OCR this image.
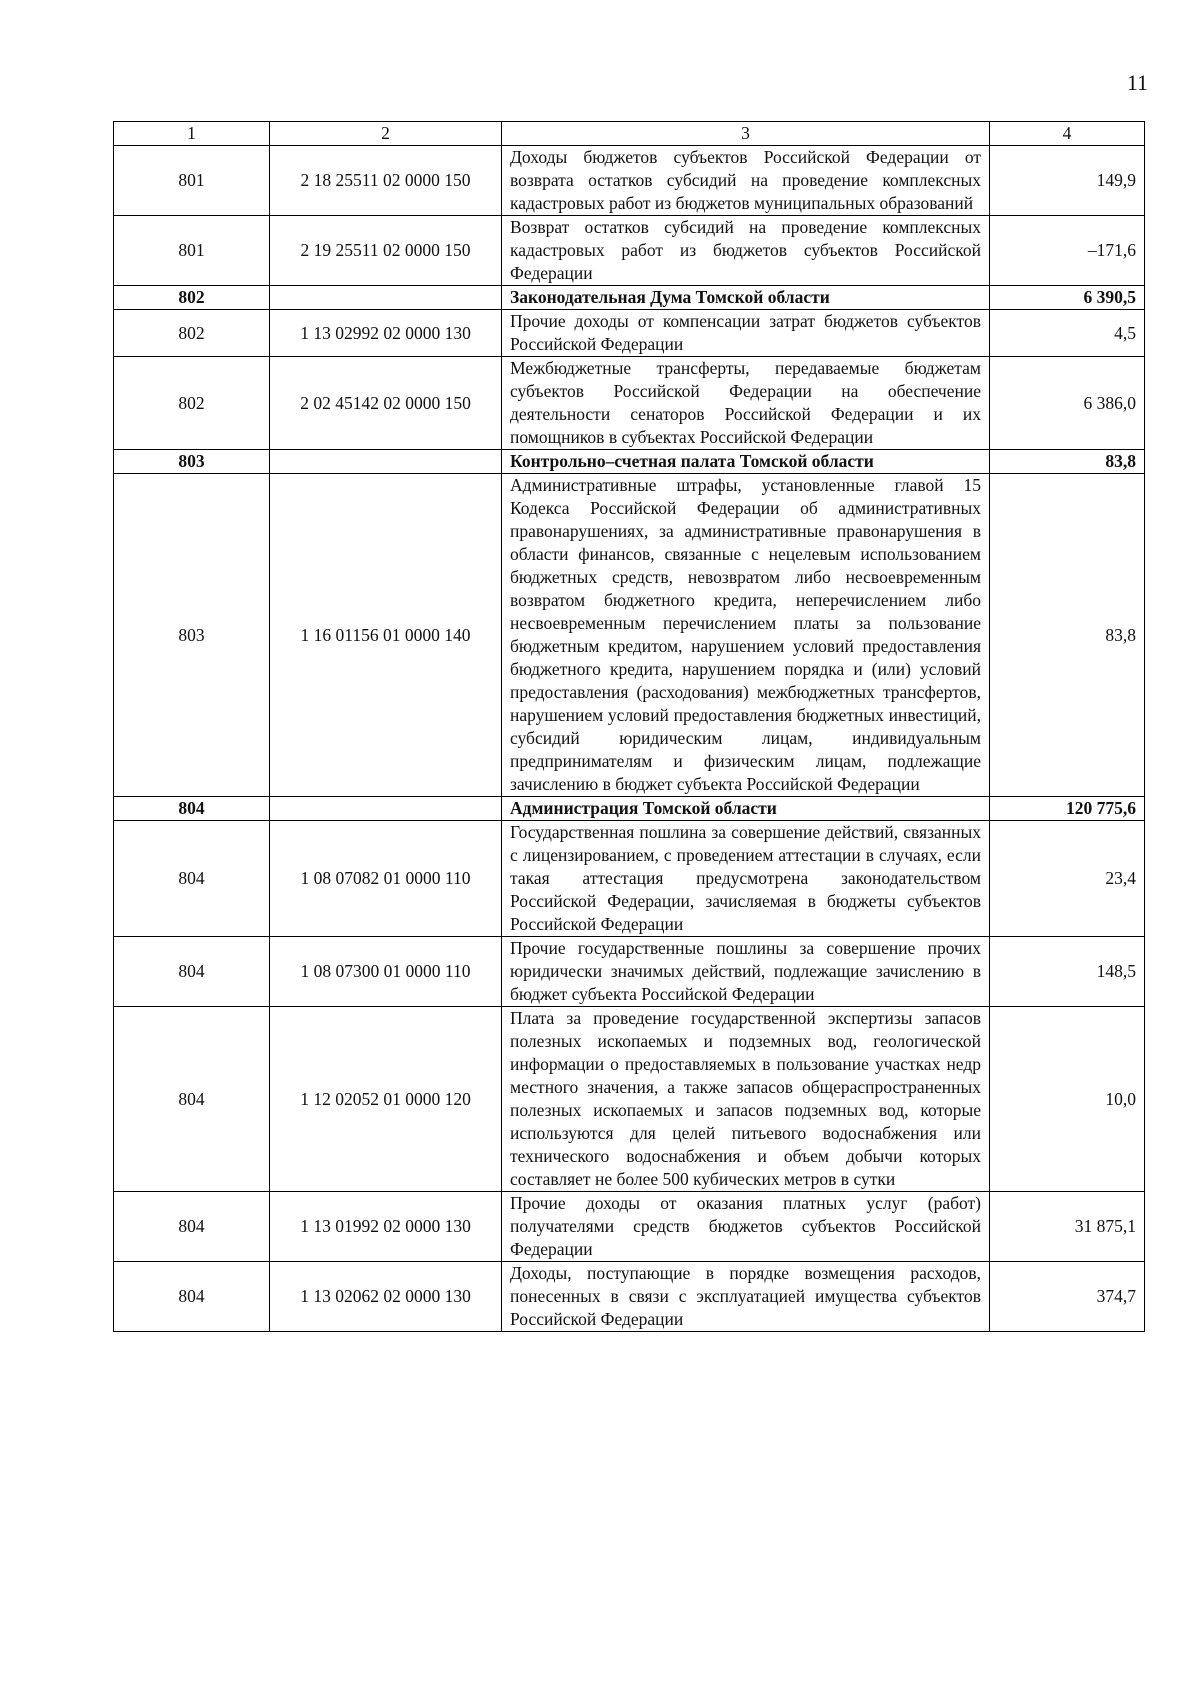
11
1	2	3	4
801	2 18 25511 02 0000 150	Доходы бюджетов субъектов Российской Федерации от возврата остатков субсидий на проведение комплексных кадастровых работ из бюджетов муниципальных образований	149,9
801	2 19 25511 02 0000 150	Возврат остатков субсидий на проведение комплексных кадастровых работ из бюджетов субъектов Российской Федерации	–171,6
802		Законодательная Дума Томской области	6 390,5
802	1 13 02992 02 0000 130	Прочие доходы от компенсации затрат бюджетов субъектов Российской Федерации	4,5
802	2 02 45142 02 0000 150	Межбюджетные трансферты, передаваемые бюджетам субъектов Российской Федерации на обеспечение деятельности сенаторов Российской Федерации и их помощников в субъектах Российской Федерации	6 386,0
803		Контрольно–счетная палата Томской области	83,8
803	1 16 01156 01 0000 140	Административные штрафы, установленные главой 15 Кодекса Российской Федерации об административных правонарушениях, за административные правонарушения в области финансов, связанные с нецелевым использованием бюджетных средств, невозвратом либо несвоевременным возвратом бюджетного кредита, неперечислением либо несвоевременным перечислением платы за пользование бюджетным кредитом, нарушением условий предоставления бюджетного кредита, нарушением порядка и (или) условий предоставления (расходования) межбюджетных трансфертов, нарушением условий предоставления бюджетных инвестиций, субсидий юридическим лицам, индивидуальным предпринимателям и физическим лицам, подлежащие зачислению в бюджет субъекта Российской Федерации	83,8
804		Администрация Томской области	120 775,6
804	1 08 07082 01 0000 110	Государственная пошлина за совершение действий, связанных с лицензированием, с проведением аттестации в случаях, если такая аттестация предусмотрена законодательством Российской Федерации, зачисляемая в бюджеты субъектов Российской Федерации	23,4
804	1 08 07300 01 0000 110	Прочие государственные пошлины за совершение прочих юридически значимых действий, подлежащие зачислению в бюджет субъекта Российской Федерации	148,5
804	1 12 02052 01 0000 120	Плата за проведение государственной экспертизы запасов полезных ископаемых и подземных вод, геологической информации о предоставляемых в пользование участках недр местного значения, а также запасов общераспространенных полезных ископаемых и запасов подземных вод, которые используются для целей питьевого водоснабжения или технического водоснабжения и объем добычи которых составляет не более 500 кубических метров в сутки	10,0
804	1 13 01992 02 0000 130	Прочие доходы от оказания платных услуг (работ) получателями средств бюджетов субъектов Российской Федерации	31 875,1
804	1 13 02062 02 0000 130	Доходы, поступающие в порядке возмещения расходов, понесенных в связи с эксплуатацией имущества субъектов Российской Федерации	374,7
